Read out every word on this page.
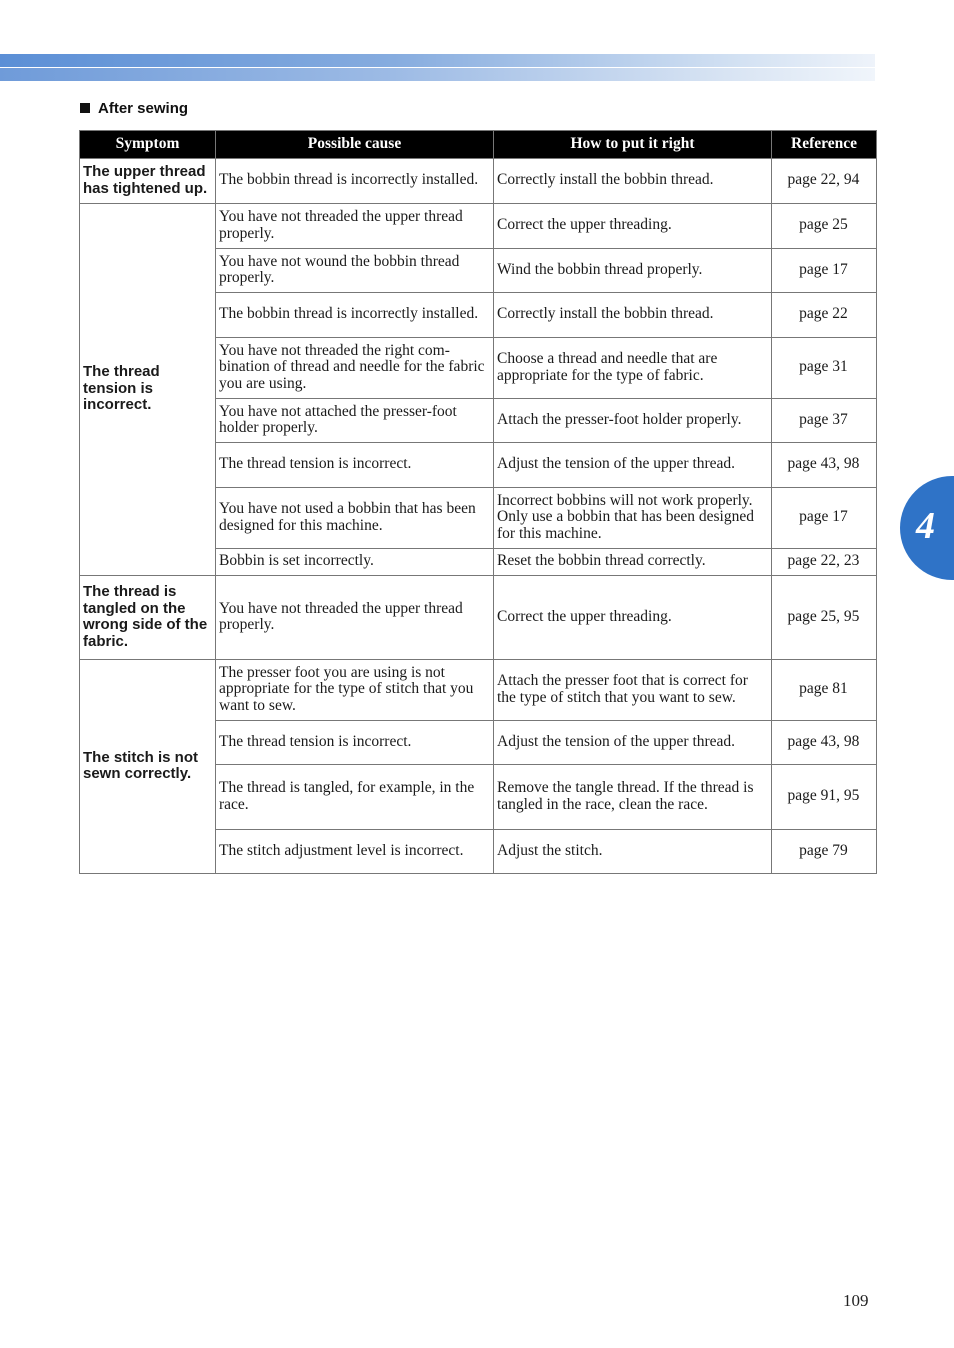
After sewing
Symptom	Possible cause	How to put it right	Reference
The upper thread has tightened up.	The bobbin thread is incorrectly installed.	Correctly install the bobbin thread.	page 22, 94
The thread tension is incorrect.	You have not threaded the upper thread properly.	Correct the upper threading.	page 25
	You have not wound the bobbin thread properly.	Wind the bobbin thread properly.	page 17
	The bobbin thread is incorrectly installed.	Correctly install the bobbin thread.	page 22
	You have not threaded the right com-bination of thread and needle for the fabric you are using.	Choose a thread and needle that are appropriate for the type of fabric.	page 31
	You have not attached the presser-foot holder properly.	Attach the presser-foot holder properly.	page 37
	The thread tension is incorrect.	Adjust the tension of the upper thread.	page 43, 98
	You have not used a bobbin that has been designed for this machine.	Incorrect bobbins will not work properly. Only use a bobbin that has been designed for this machine.	page 17
	Bobbin is set incorrectly.	Reset the bobbin thread correctly.	page 22, 23
The thread is tangled on the wrong side of the fabric.	You have not threaded the upper thread properly.	Correct the upper threading.	page 25, 95
The stitch is not sewn correctly.	The presser foot you are using is not appropriate for the type of stitch that you want to sew.	Attach the presser foot that is correct for the type of stitch that you want to sew.	page 81
	The thread tension is incorrect.	Adjust the tension of the upper thread.	page 43, 98
	The thread is tangled, for example, in the race.	Remove the tangle thread. If the thread is tangled in the race, clean the race.	page 91, 95
	The stitch adjustment level is incorrect.	Adjust the stitch.	page 79
4
109
